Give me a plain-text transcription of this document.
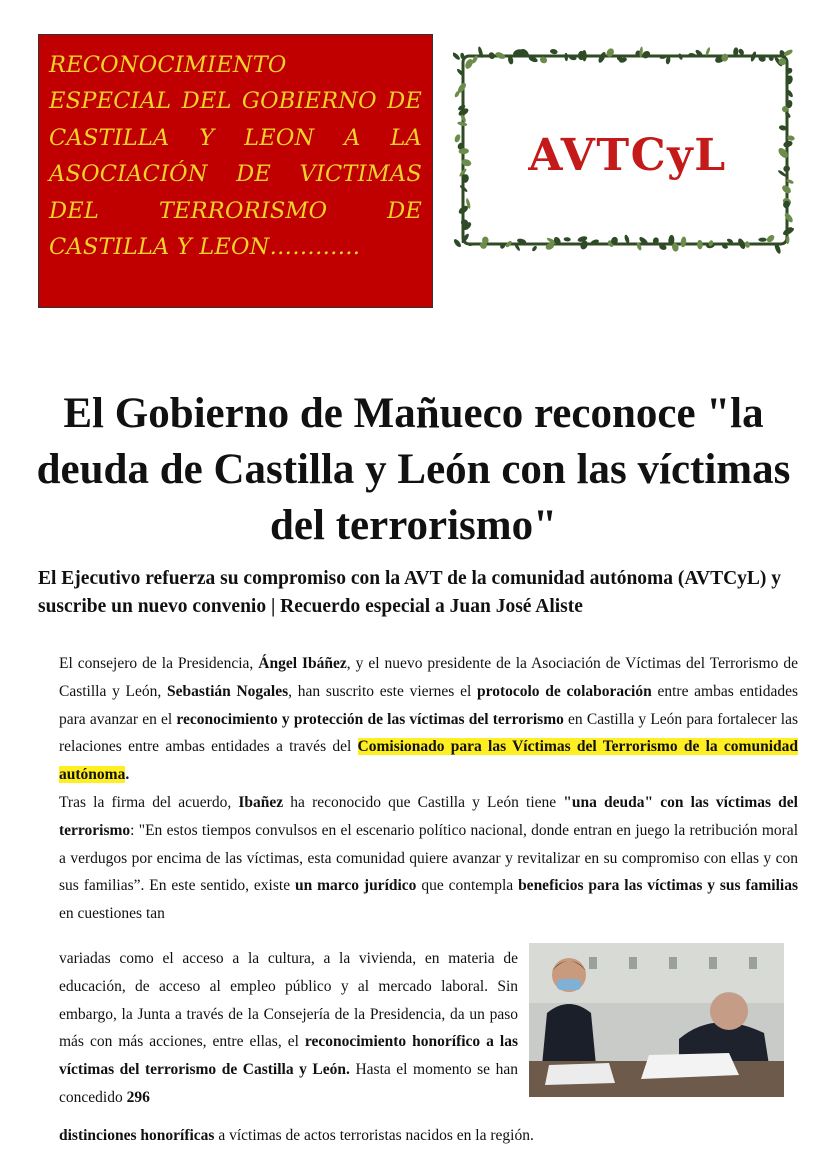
RECONOCIMIENTO
ESPECIAL DEL GOBIERNO DE CASTILLA Y LEON A LA ASOCIACIÓN DE VICTIMAS DEL TERRORISMO DE CASTILLA Y LEON…………

AVTCyL
El Gobierno de Mañueco reconoce "la deuda de Castilla y León con las víctimas del terrorismo"

El Ejecutivo refuerza su compromiso con la AVT de la comunidad autónoma (AVTCyL) y suscribe un nuevo convenio | Recuerdo especial a Juan José Aliste

El consejero de la Presidencia, Ángel Ibáñez, y el nuevo presidente de la Asociación de Víctimas del Terrorismo de Castilla y León, Sebastián Nogales, han suscrito este viernes el protocolo de colaboración entre ambas entidades para avanzar en el reconocimiento y protección de las víctimas del terrorismo en Castilla y León para fortalecer las relaciones entre ambas entidades a través del Comisionado para las Víctimas del Terrorismo de la comunidad autónoma.

Tras la firma del acuerdo, Ibañez ha reconocido que Castilla y León tiene "una deuda" con las víctimas del terrorismo: "En estos tiempos convulsos en el escenario político nacional, donde entran en juego la retribución moral a verdugos por encima de las víctimas, esta comunidad quiere avanzar y revitalizar en su compromiso con ellas y con sus familias”. En este sentido, existe un marco jurídico que contempla beneficios para las víctimas y sus familias en cuestiones tan

variadas como el acceso a la cultura, a la vivienda, en materia de educación, de acceso al empleo público y al mercado laboral. Sin embargo, la Junta a través de la Consejería de la Presidencia, da un paso más con más acciones, entre ellas, el reconocimiento honorífico a las víctimas del terrorismo de Castilla y León. Hasta el momento se han concedido 296

distinciones honoríficas a víctimas de actos terroristas nacidos en la región.
